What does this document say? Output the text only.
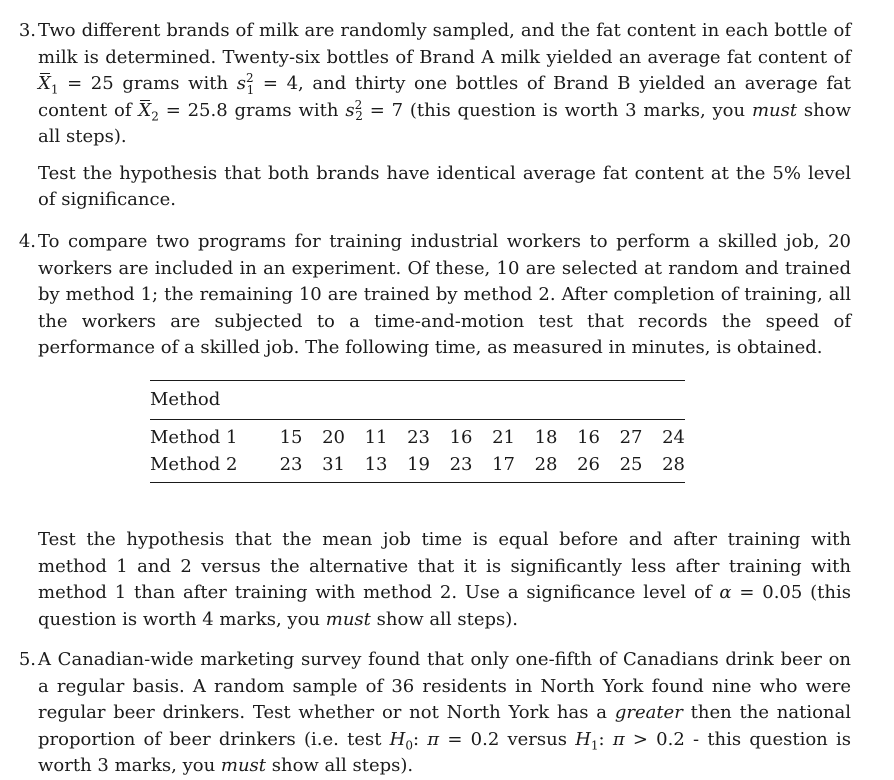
3. Two different brands of milk are randomly sampled, and the fat content in each bottle of milk is determined. Twenty-six bottles of Brand A milk yielded an average fat content of $X_1 = 25$ grams with $s^2_1 = 4$, and thirty one bottles of Brand B yielded an average fat content of $X_2 = 25.8$ grams with $s^2_2 = 7$ (this question is worth 3 marks, you must show all steps).

Test the hypothesis that both brands have identical average fat content at the 5% level of significance.

4. To compare two programs for training industrial workers to perform a skilled job, 20 workers are included in an experiment. Of these, 10 are selected at random and trained by method 1; the remaining 10 are trained by method 2. After completion of training, all the workers are subjected to a time-and-motion test that records the speed of performance of a skilled job. The following time, as measured in minutes, is obtained.

Method										
Method 1	15	20	11	23	16	21	18	16	27	24
Method 2	23	31	13	19	23	17	28	26	25	28

Test the hypothesis that the mean job time is equal before and after training with method 1 and 2 versus the alternative that it is significantly less after training with method 1 than after training with method 2. Use a significance level of α = 0.05 (this question is worth 4 marks, you must show all steps).

5. A Canadian-wide marketing survey found that only one-fifth of Canadians drink beer on a regular basis. A random sample of 36 residents in North York found nine who were regular beer drinkers. Test whether or not North York has a greater then the national proportion of beer drinkers (i.e. test $H_0$: π = 0.2 versus $H_1$: π > 0.2 - this question is worth 3 marks, you must show all steps).
